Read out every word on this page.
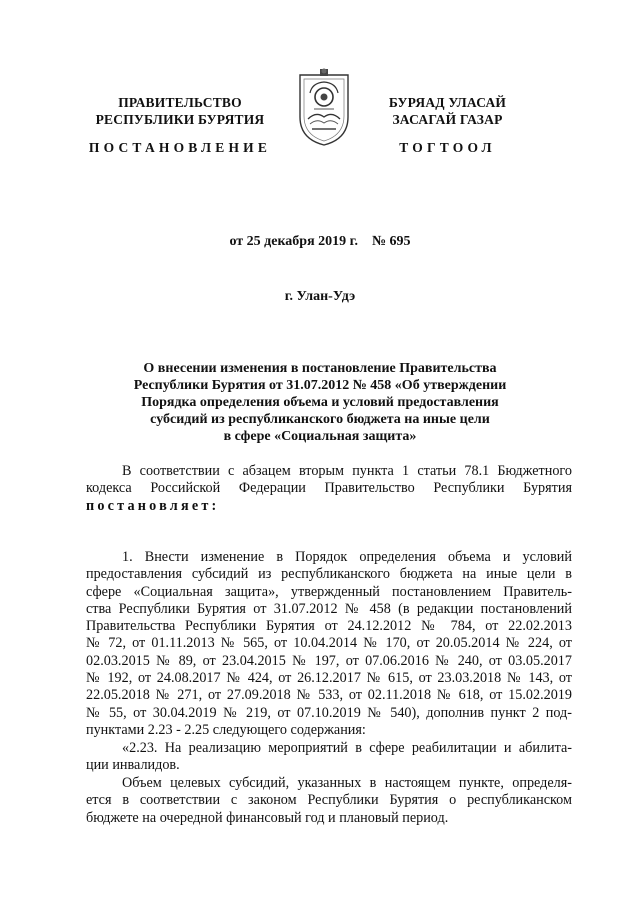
ПРАВИТЕЛЬСТВО
РЕСПУБЛИКИ БУРЯТИЯ
БУРЯАД УЛАСАЙ
ЗАСАГАЙ ГАЗАР
ПОСТАНОВЛЕНИЕ	ТОГТООЛ
от 25 декабря 2019 г.    № 695
г. Улан-Удэ
О внесении изменения в постановление Правительства
Республики Бурятия от 31.07.2012 № 458 «Об утверждении
Порядка определения объема и условий предоставления
субсидий из республиканского бюджета на иные цели
в сфере «Социальная защита»
В соответствии с абзацем вторым пункта 1 статьи 78.1 Бюджетного
кодекса Российской Федерации Правительство Республики Бурятия
постановляет:
1. Внести изменение в Порядок определения объема и условий
предоставления субсидий из республиканского бюджета на иные цели в
сфере «Социальная защита», утвержденный постановлением Правитель-
ства Республики Бурятия от 31.07.2012 № 458 (в редакции постановлений
Правительства Республики Бурятия от 24.12.2012 № 784, от 22.02.2013
№ 72, от 01.11.2013 № 565, от 10.04.2014 № 170, от 20.05.2014 № 224, от
02.03.2015 № 89, от 23.04.2015 № 197, от 07.06.2016 № 240, от 03.05.2017
№ 192, от 24.08.2017 № 424, от 26.12.2017 № 615, от 23.03.2018 № 143, от
22.05.2018 № 271, от 27.09.2018 № 533, от 02.11.2018 № 618, от 15.02.2019
№ 55, от 30.04.2019 № 219, от 07.10.2019 № 540), дополнив пункт 2 под-
пунктами 2.23 - 2.25 следующего содержания:
«2.23. На реализацию мероприятий в сфере реабилитации и абилита-
ции инвалидов.
Объем целевых субсидий, указанных в настоящем пункте, определя-
ется в соответствии с законом Республики Бурятия о республиканском
бюджете на очередной финансовый год и плановый период.
